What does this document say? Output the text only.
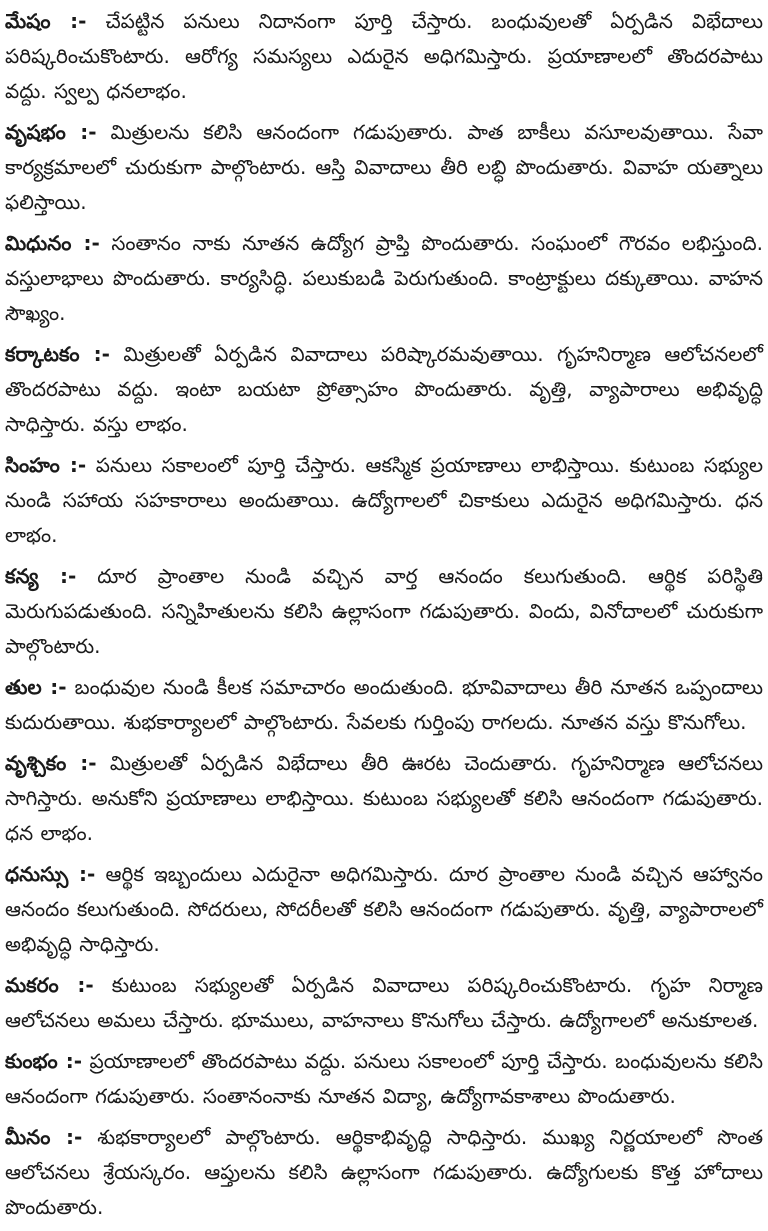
మేషం :- చేపట్టిన పనులు నిదానంగా పూర్తి చేస్తారు. బంధువులతో ఏర్పడిన విభేదాలు పరిష్కరించుకొంటారు. ఆరోగ్య సమస్యలు ఎదురైన అధిగమిస్తారు. ప్రయాణాలలో తొందరపాటు వద్దు. స్వల్ప ధనలాభం.

వృషభం :- మిత్రులను కలిసి ఆనందంగా గడుపుతారు. పాత బాకీలు వసూలవుతాయి. సేవా కార్యక్రమాలలో చురుకుగా పాల్గొంటారు. ఆస్తి వివాదాలు తీరి లబ్ధి పొందుతారు. వివాహ యత్నాలు ఫలిస్తాయి.

మిధునం :- సంతానం నాకు నూతన ఉద్యోగ ప్రాప్తి పొందుతారు. సంఘంలో గౌరవం లభిస్తుంది. వస్తులాభాలు పొందుతారు. కార్యసిద్ధి. పలుకుబడి పెరుగుతుంది. కాంట్రాక్టులు దక్కుతాయి. వాహన సౌఖ్యం.

కర్కాటకం :- మిత్రులతో ఏర్పడిన వివాదాలు పరిష్కారమవుతాయి. గృహనిర్మాణ ఆలోచనలలో తొందరపాటు వద్దు. ఇంటా బయటా ప్రోత్సాహం పొందుతారు. వృత్తి, వ్యాపారాలు అభివృద్ధి సాధిస్తారు. వస్తు లాభం.

సింహం :- పనులు సకాలంలో పూర్తి చేస్తారు. ఆకస్మిక ప్రయాణాలు లాభిస్తాయి. కుటుంబ సభ్యుల నుండి సహాయ సహకారాలు అందుతాయి. ఉద్యోగాలలో చికాకులు ఎదురైన అధిగమిస్తారు. ధన లాభం.

కన్య :- దూర ప్రాంతాల నుండి వచ్చిన వార్త ఆనందం కలుగుతుంది. ఆర్థిక పరిస్థితి మెరుగుపడుతుంది. సన్నిహితులను కలిసి ఉల్లాసంగా గడుపుతారు. విందు, వినోదాలలో చురుకుగా పాల్గొంటారు.

తుల :- బంధువుల నుండి కీలక సమాచారం అందుతుంది. భూవివాదాలు తీరి నూతన ఒప్పందాలు కుదురుతాయి. శుభకార్యాలలో పాల్గొంటారు. సేవలకు గుర్తింపు రాగలదు. నూతన వస్తు కొనుగోలు.

వృశ్చికం :- మిత్రులతో ఏర్పడిన విభేదాలు తీరి ఊరట చెందుతారు. గృహనిర్మాణ ఆలోచనలు సాగిస్తారు. అనుకోని ప్రయాణాలు లాభిస్తాయి. కుటుంబ సభ్యులతో కలిసి ఆనందంగా గడుపుతారు. ధన లాభం.

ధనుస్సు :- ఆర్థిక ఇబ్బందులు ఎదురైనా అధిగమిస్తారు. దూర ప్రాంతాల నుండి వచ్చిన ఆహ్వానం ఆనందం కలుగుతుంది. సోదరులు, సోదరీలతో కలిసి ఆనందంగా గడుపుతారు. వృత్తి, వ్యాపారాలలో అభివృద్ధి సాధిస్తారు.

మకరం :- కుటుంబ సభ్యులతో ఏర్పడిన వివాదాలు పరిష్కరించుకొంటారు. గృహ నిర్మాణ ఆలోచనలు అమలు చేస్తారు. భూములు, వాహనాలు కొనుగోలు చేస్తారు. ఉద్యోగాలలో అనుకూలత.

కుంభం :- ప్రయాణాలలో తొందరపాటు వద్దు. పనులు సకాలంలో పూర్తి చేస్తారు. బంధువులను కలిసి ఆనందంగా గడుపుతారు. సంతానంనాకు నూతన విద్యా, ఉద్యోగావకాశాలు పొందుతారు.

మీనం :- శుభకార్యాలలో పాల్గొంటారు. ఆర్థికాభివృద్ధి సాధిస్తారు. ముఖ్య నిర్ణయాలలో సొంత ఆలోచనలు శ్రేయస్కరం. ఆప్తులను కలిసి ఉల్లాసంగా గడుపుతారు. ఉద్యోగులకు కొత్త హోదాలు పొందుతారు.
